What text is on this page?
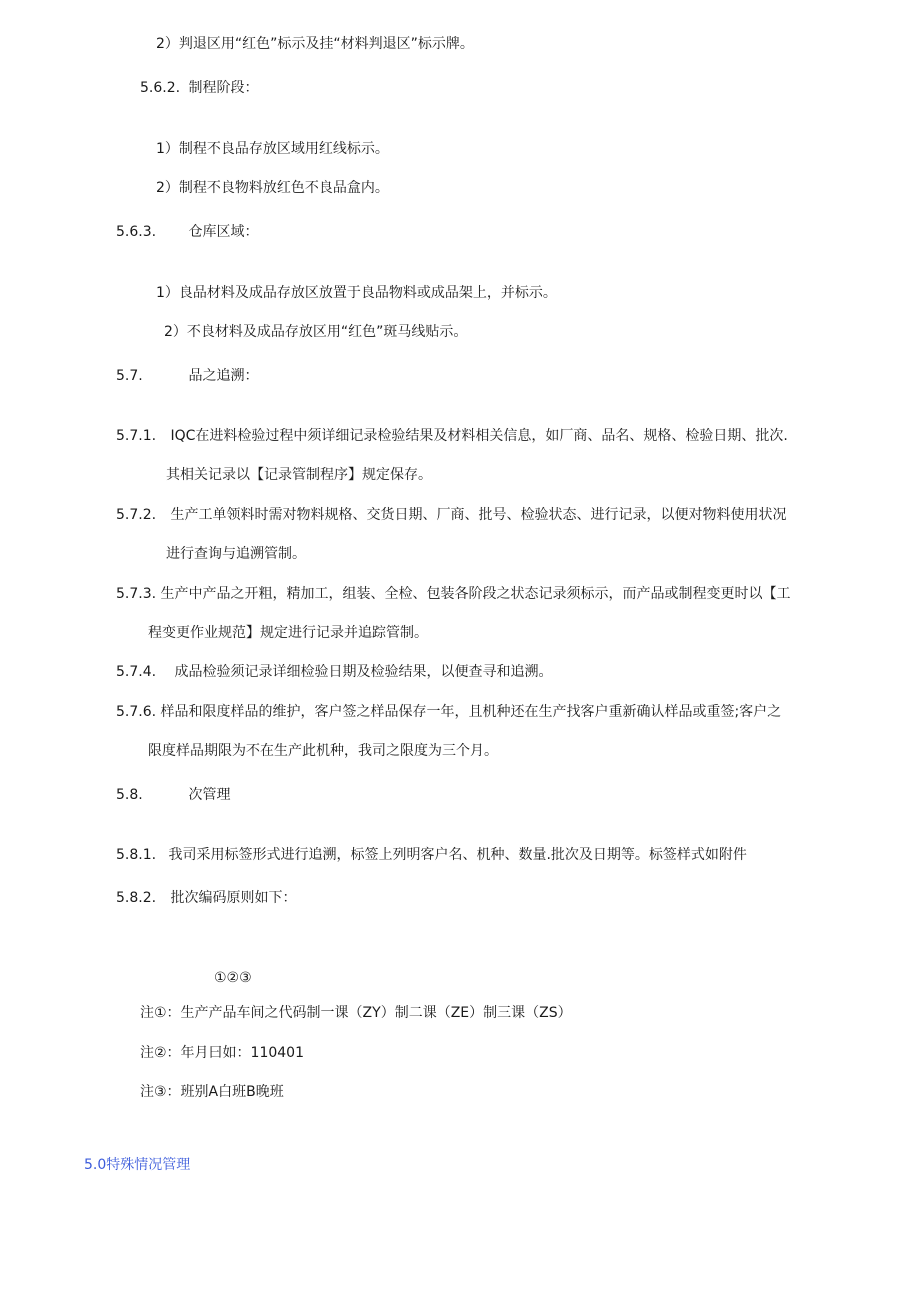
2）判退区用“红色”标示及挂“材料判退区”标示牌。
5.6.2. 制程阶段：
1）制程不良品存放区域用红线标示。
2）制程不良物料放红色不良品盒内。
5.6.3. 仓库区域：
1）良品材料及成品存放区放置于良品物料或成品架上，并标示。
2）不良材料及成品存放区用“红色”斑马线贴示。
5.7.	品之追溯：
5.7.1. IQC在进料检验过程中须详细记录检验结果及材料相关信息，如厂商、品名、规格、检验日期、批次.
其相关记录以【记录管制程序】规定保存。
5.7.2. 生产工单领料时需对物料规格、交货日期、厂商、批号、检验状态、进行记录，以便对物料使用状况
进行查询与追溯管制。
5.7.3. 生产中产品之开粗，精加工，组装、全检、包装各阶段之状态记录须标示，而产品或制程变更时以【工
程变更作业规范】规定进行记录并追踪管制。
5.7.4. 成品检验须记录详细检验日期及检验结果，以便查寻和追溯。
5.7.6. 样品和限度样品的维护，客户签之样品保存一年，且机种还在生产找客户重新确认样品或重签;客户之
限度样品期限为不在生产此机种，我司之限度为三个月。
5.8.	次管理
5.8.1. 我司采用标签形式进行追溯，标签上列明客户名、机种、数量.批次及日期等。标签样式如附件
5.8.2. 批次编码原则如下：
①②③
注①：生产产品车间之代码制一课（ZY）制二课（ZE）制三课（ZS）
注②：年月曰如：110401
注③：班别A白班B晚班
5.0特殊情况管理
